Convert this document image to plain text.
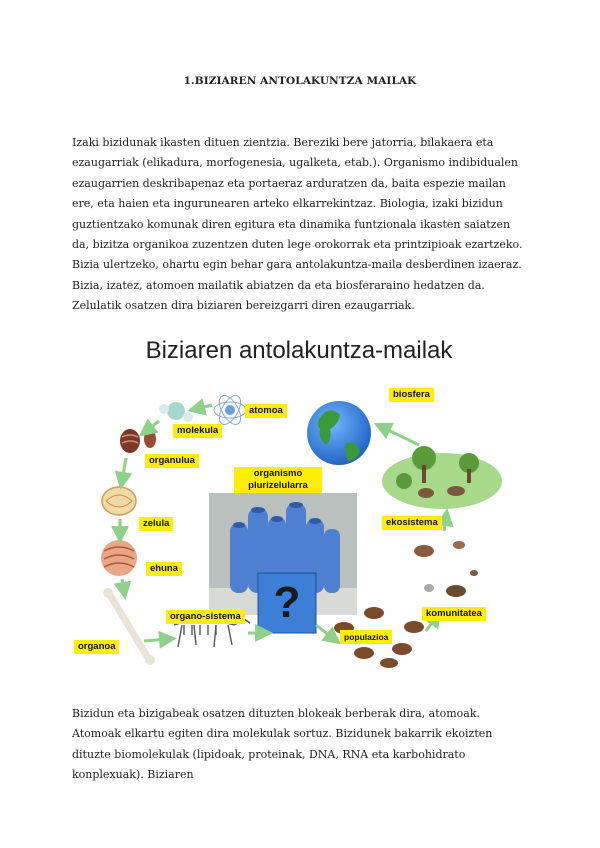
1.BIZIAREN ANTOLAKUNTZA MAILAK

Izaki bizidunak ikasten dituen zientzia. Bereziki bere jatorria, bilakaera eta ezaugarriak (elikadura, morfogenesia, ugalketa, etab.). Organismo indibidualen ezaugarrien deskribapenaz eta portaeraz arduratzen da, baita espezie mailan ere, eta haien eta ingurunearen arteko elkarrekintzaz. Biologia, izaki bizidun guztientzako komunak diren egitura eta dinamika funtzionala ikasten saiatzen da, bizitza organikoa zuzentzen duten lege orokorrak eta printzipioak ezartzeko. Bizia ulertzeko, ohartu egin behar gara antolakuntza-maila desberdinen izaeraz. Bizia, izatez, atomoen mailatik abiatzen da eta biosferaraino hedatzen da. Zelulatik osatzen dira biziaren bereizgarri diren ezaugarriak.

Biziaren antolakuntza-mailak
atomoa
molekula
organulua
zelula
ehuna
organoa
organo-sistema
organismo plurizelularra
populazioa
komunitatea
ekosistema
biosfera
?

Bizidun eta bizigabeak osatzen dituzten blokeak berberak dira, atomoak. Atomoak elkartu egiten dira molekulak sortuz. Bizidunek bakarrik ekoizten dituzte biomolekulak (lipidoak, proteinak, DNA, RNA eta karbohidrato konplexuak). Biziaren
